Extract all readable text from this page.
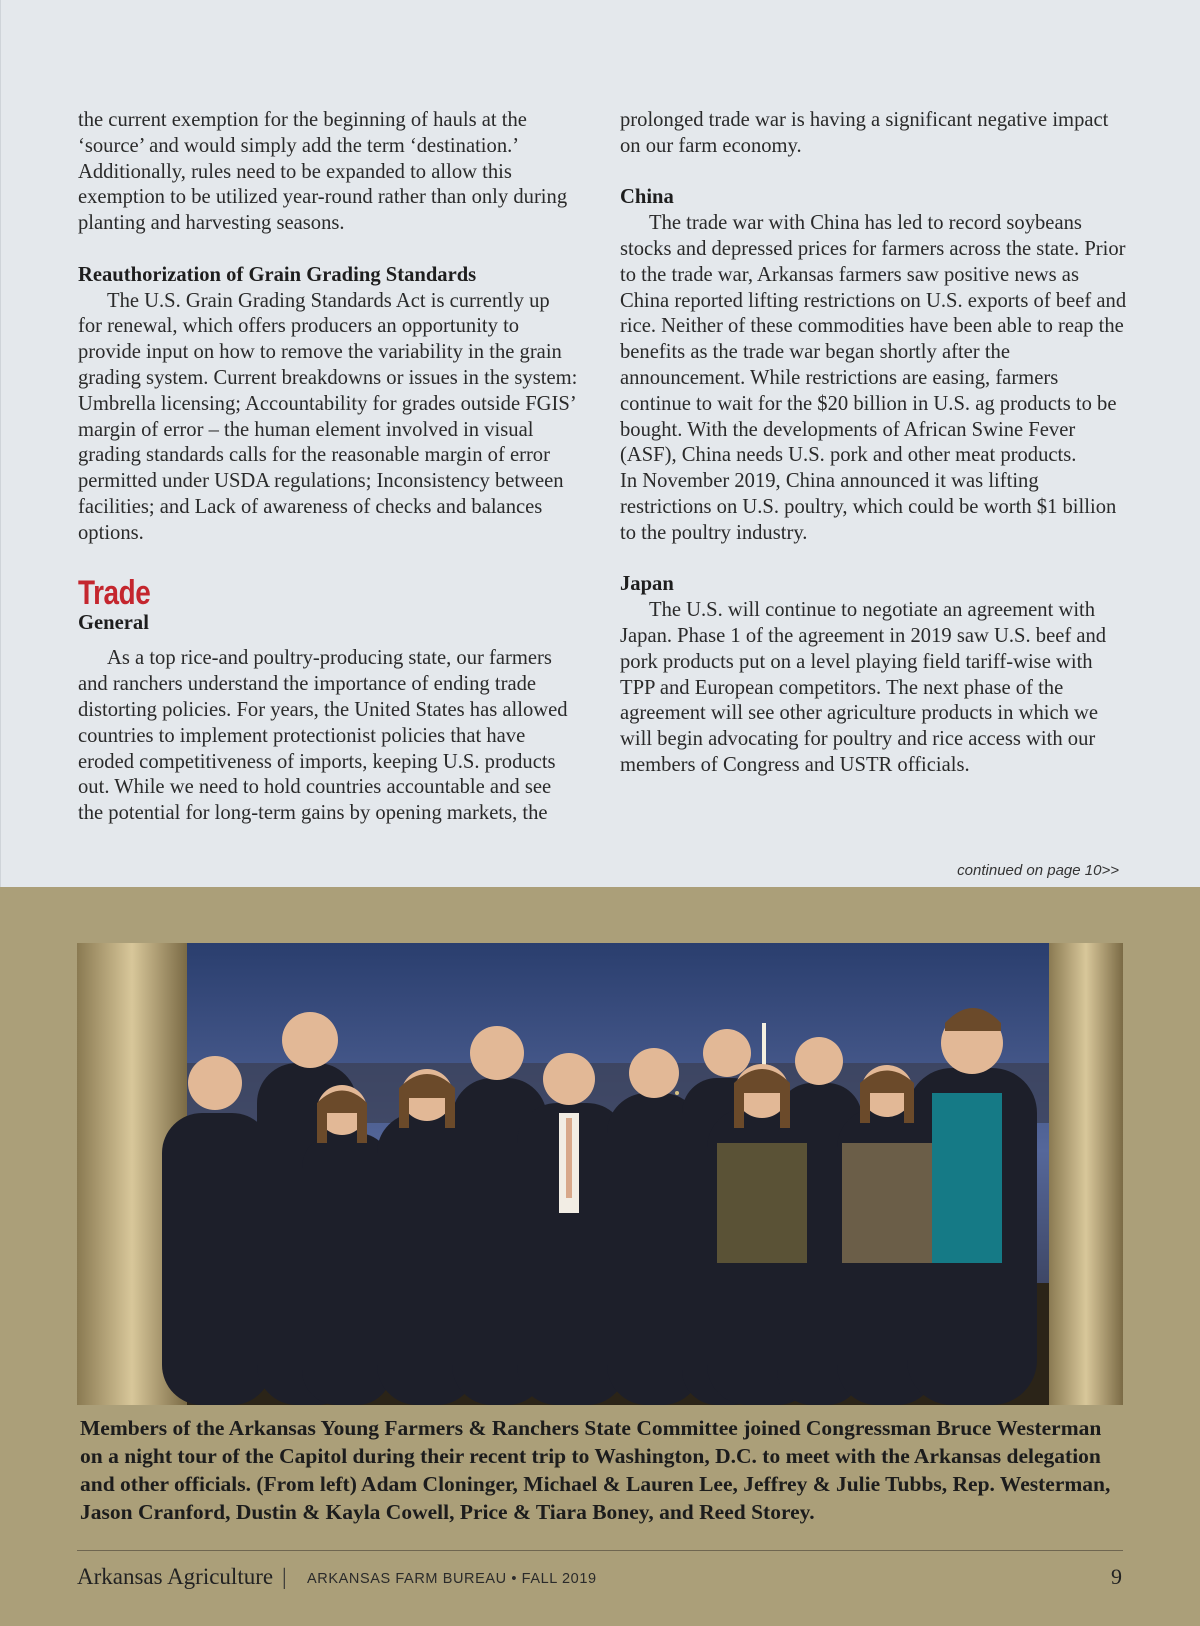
the current exemption for the beginning of hauls at the ‘source’ and would simply add the term ‘destination.’ Additionally, rules need to be expanded to allow this exemption to be utilized year-round rather than only during planting and harvesting seasons.

Reauthorization of Grain Grading Standards

The U.S. Grain Grading Standards Act is currently up for renewal, which offers producers an opportunity to provide input on how to remove the variability in the grain grading system. Current breakdowns or issues in the system: Umbrella licensing; Accountability for grades outside FGIS’ margin of error – the human element involved in visual grading standards calls for the reasonable margin of error permitted under USDA regulations; Inconsistency between facilities; and Lack of awareness of checks and balances options.

Trade
General

As a top rice-and poultry-producing state, our farmers and ranchers understand the importance of ending trade distorting policies. For years, the United States has allowed countries to implement protectionist policies that have eroded competitiveness of imports, keeping U.S. products out. While we need to hold countries accountable and see the potential for long-term gains by opening markets, the

prolonged trade war is having a significant negative impact on our farm economy.

China

The trade war with China has led to record soybeans stocks and depressed prices for farmers across the state. Prior to the trade war, Arkansas farmers saw positive news as China reported lifting restrictions on U.S. exports of beef and rice. Neither of these commodities have been able to reap the benefits as the trade war began shortly after the announcement. While restrictions are easing, farmers continue to wait for the $20 billion in U.S. ag products to be bought. With the developments of African Swine Fever (ASF), China needs U.S. pork and other meat products.

In November 2019, China announced it was lifting restrictions on U.S. poultry, which could be worth $1 billion to the poultry industry.

Japan

The U.S. will continue to negotiate an agreement with Japan. Phase 1 of the agreement in 2019 saw U.S. beef and pork products put on a level playing field tariff-wise with TPP and European competitors. The next phase of the agreement will see other agriculture products in which we will begin advocating for poultry and rice access with our members of Congress and USTR officials.

continued on page 10>>
Members of the Arkansas Young Farmers & Ranchers State Committee joined Congressman Bruce Westerman on a night tour of the Capitol during their recent trip to Washington, D.C. to meet with the Arkansas delegation and other officials. (From left) Adam Cloninger, Michael & Lauren Lee, Jeffrey & Julie Tubbs, Rep. Westerman, Jason Cranford, Dustin & Kayla Cowell, Price & Tiara Boney, and Reed Storey.
Arkansas Agriculture | ARKANSAS FARM BUREAU • FALL 2019	9
